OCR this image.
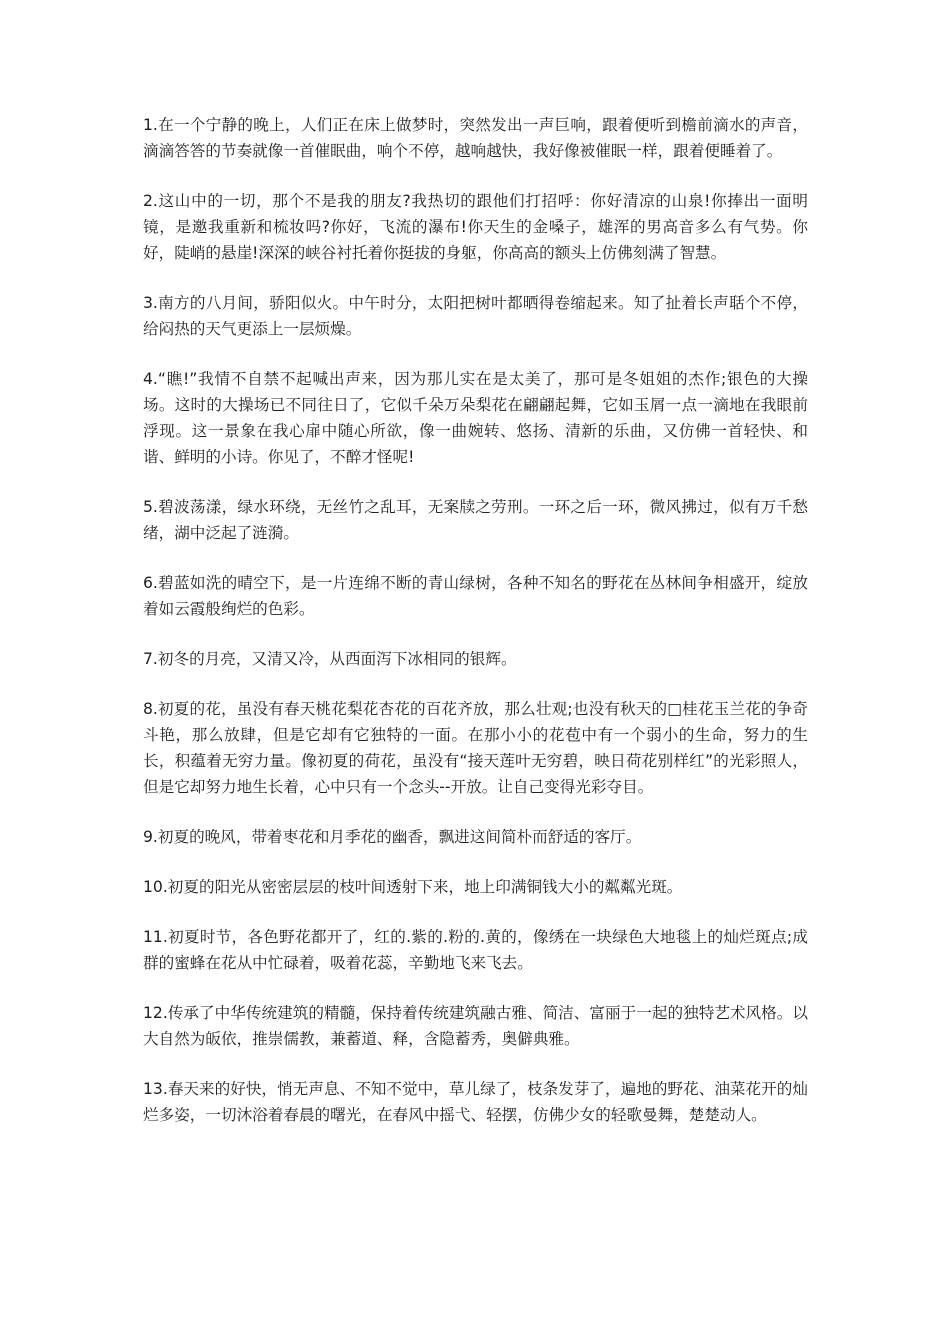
1.在一个宁静的晚上，人们正在床上做梦时，突然发出一声巨响，跟着便听到檐前滴水的声音，滴滴答答的节奏就像一首催眠曲，响个不停，越响越快，我好像被催眠一样，跟着便睡着了。

2.这山中的一切，那个不是我的朋友?我热切的跟他们打招呼：你好清凉的山泉!你捧出一面明镜，是邀我重新和梳妆吗?你好，飞流的瀑布!你天生的金嗓子，雄浑的男高音多么有气势。你好，陡峭的悬崖!深深的峡谷衬托着你挺拔的身躯，你高高的额头上仿佛刻满了智慧。

3.南方的八月间，骄阳似火。中午时分，太阳把树叶都晒得卷缩起来。知了扯着长声聒个不停，给闷热的天气更添上一层烦燥。

4.“瞧!”我情不自禁不起喊出声来，因为那儿实在是太美了，那可是冬姐姐的杰作;银色的大操场。这时的大操场已不同往日了，它似千朵万朵梨花在翩翩起舞，它如玉屑一点一滴地在我眼前浮现。这一景象在我心扉中随心所欲，像一曲婉转、悠扬、清新的乐曲，又仿佛一首轻快、和谐、鲜明的小诗。你见了，不醉才怪呢!

5.碧波荡漾，绿水环绕，无丝竹之乱耳，无案牍之劳刑。一环之后一环，微风拂过，似有万千愁绪，湖中泛起了涟漪。

6.碧蓝如洗的晴空下，是一片连绵不断的青山绿树，各种不知名的野花在丛林间争相盛开，绽放着如云霞般绚烂的色彩。

7.初冬的月亮，又清又冷，从西面泻下冰相同的银辉。

8.初夏的花，虽没有春天桃花梨花杏花的百花齐放，那么壮观;也没有秋天的□桂花玉兰花的争奇斗艳，那么放肆，但是它却有它独特的一面。在那小小的花苞中有一个弱小的生命，努力的生长，积蕴着无穷力量。像初夏的荷花，虽没有“接天莲叶无穷碧，映日荷花别样红”的光彩照人，但是它却努力地生长着，心中只有一个念头--开放。让自己变得光彩夺目。

9.初夏的晚风，带着枣花和月季花的幽香，飘进这间简朴而舒适的客厅。

10.初夏的阳光从密密层层的枝叶间透射下来，地上印满铜钱大小的粼粼光斑。

11.初夏时节，各色野花都开了，红的.紫的.粉的.黄的，像绣在一块绿色大地毯上的灿烂斑点;成群的蜜蜂在花从中忙碌着，吸着花蕊，辛勤地飞来飞去。

12.传承了中华传统建筑的精髓，保持着传统建筑融古雅、简洁、富丽于一起的独特艺术风格。以大自然为皈依，推崇儒教，兼蓄道、释，含隐蓄秀，奥僻典雅。

13.春天来的好快，悄无声息、不知不觉中，草儿绿了，枝条发芽了，遍地的野花、油菜花开的灿烂多姿，一切沐浴着春晨的曙光，在春风中摇弋、轻摆，仿佛少女的轻歌曼舞，楚楚动人。
